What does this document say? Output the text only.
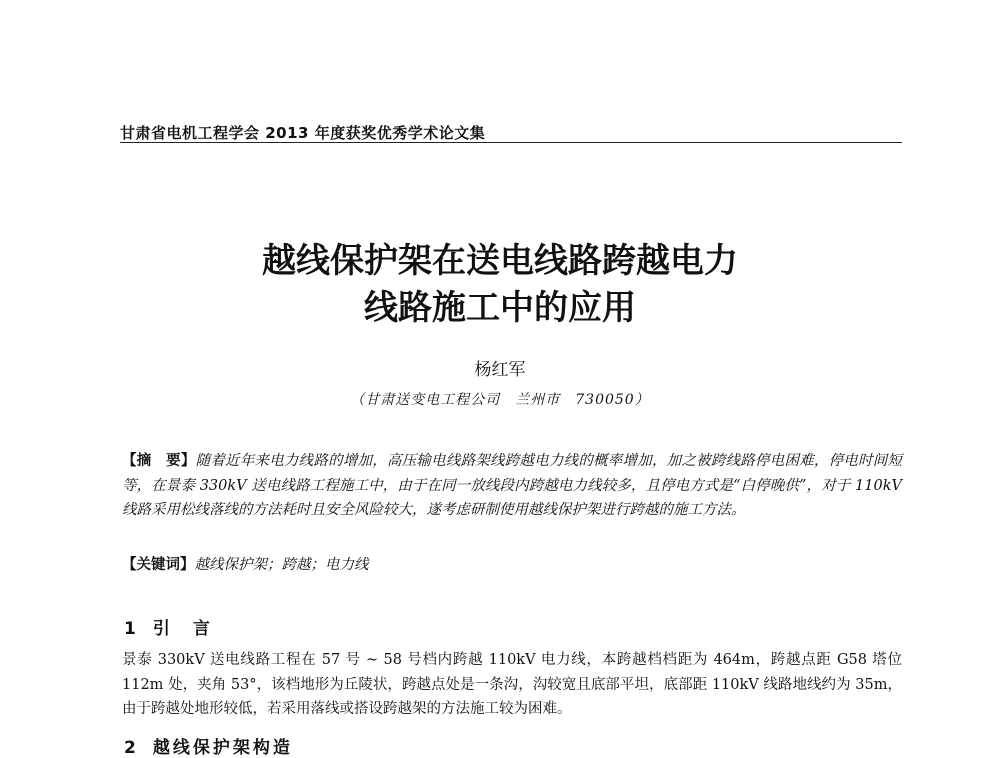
甘肃省电机工程学会 2013 年度获奖优秀学术论文集
越线保护架在送电线路跨越电力
线路施工中的应用
杨红军
（甘肃送变电工程公司　兰州市　730050）

【摘　要】随着近年来电力线路的增加，高压输电线路架线跨越电力线的概率增加，加之被跨线路停电困难，停电时间短等，在景泰 330kV 送电线路工程施工中，由于在同一放线段内跨越电力线较多，且停电方式是“白停晚供”，对于 110kV 线路采用松线落线的方法耗时且安全风险较大，遂考虑研制使用越线保护架进行跨越的施工方法。

【关键词】越线保护架；跨越；电力线
1 引　言

景泰 330kV 送电线路工程在 57 号 ~ 58 号档内跨越 110kV 电力线，本跨越档档距为 464m，跨越点距 G58 塔位 112m 处，夹角 53°，该档地形为丘陵状，跨越点处是一条沟，沟较宽且底部平坦，底部距 110kV 线路地线约为 35m，由于跨越处地形较低，若采用落线或搭设跨越架的方法施工较为困难。

2 越线保护架构造
